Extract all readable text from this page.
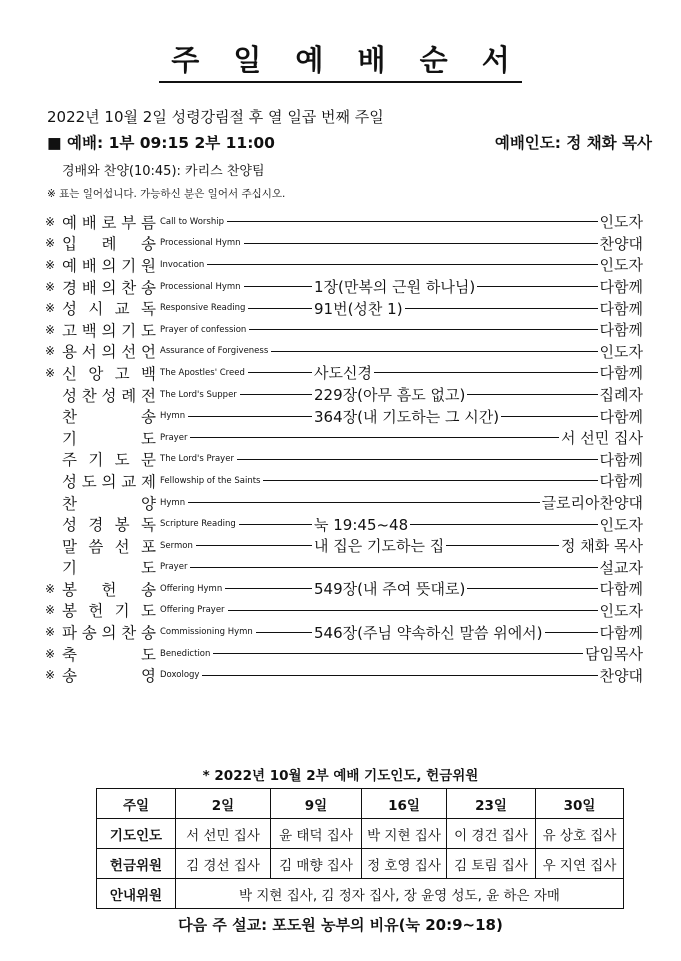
주 일 예 배 순 서
2022년 10월 2일 성령강림절 후 열 일곱 번째 주일
■ 예배: 1부 09:15 2부 11:00	예배인도: 정 채화 목사
경배와 찬양(10:45): 카리스 찬양팀
※ 표는 일어섭니다. 가능하신 분은 일어서 주십시오.
※ 예 배 로 부 름 Call to Worship	인도자
※ 입 례 송 Processional Hymn	찬양대
※ 예 배 의 기 원 Invocation	인도자
※ 경 배 의 찬 송 Processional Hymn	1장(만복의 근원 하나님)	다함께
※ 성 시 교 독 Responsive Reading	91번(성찬 1)	다함께
※ 고 백 의 기 도 Prayer of confession	다함께
※ 용 서 의 선 언 Assurance of Forgiveness	인도자
※ 신 앙 고 백 The Apostles' Creed	사도신경	다함께
성 찬 성 례 전 The Lord's Supper	229장(아무 흠도 없고)	집례자
찬	송 Hymn	364장(내 기도하는 그 시간)	다함께
기	도 Prayer	서 선민 집사
주 기 도 문 The Lord's Prayer	다함께
성 도 의 교 제 Fellowship of the Saints	다함께
찬	양 Hymn	글로리아찬양대
성 경 봉 독 Scripture Reading	눅 19:45~48	인도자
말 씀 선 포 Sermon	내 집은 기도하는 집	정 채화 목사
기	도 Prayer	설교자
※ 봉 헌 송 Offering Hymn	549장(내 주여 뜻대로)	다함께
※ 봉 헌 기 도 Offering Prayer	인도자
※ 파 송 의 찬 송 Commissioning Hymn	546장(주님 약속하신 말씀 위에서)	다함께
※ 축	도 Benediction	담임목사
※ 송	영 Doxology	찬양대
* 2022년 10월 2부 예배 기도인도, 헌금위원
주일	2일	9일	16일	23일	30일
기도인도	서 선민 집사	윤 태덕 집사	박 지현 집사	이 경건 집사	유 상호 집사
헌금위원	김 경선 집사	김 매향 집사	정 호영 집사	김 토림 집사	우 지연 집사
안내위원	박 지현 집사, 김 정자 집사, 장 윤영 성도, 윤 하은 자매				
다음 주 설교: 포도원 농부의 비유(눅 20:9~18)
